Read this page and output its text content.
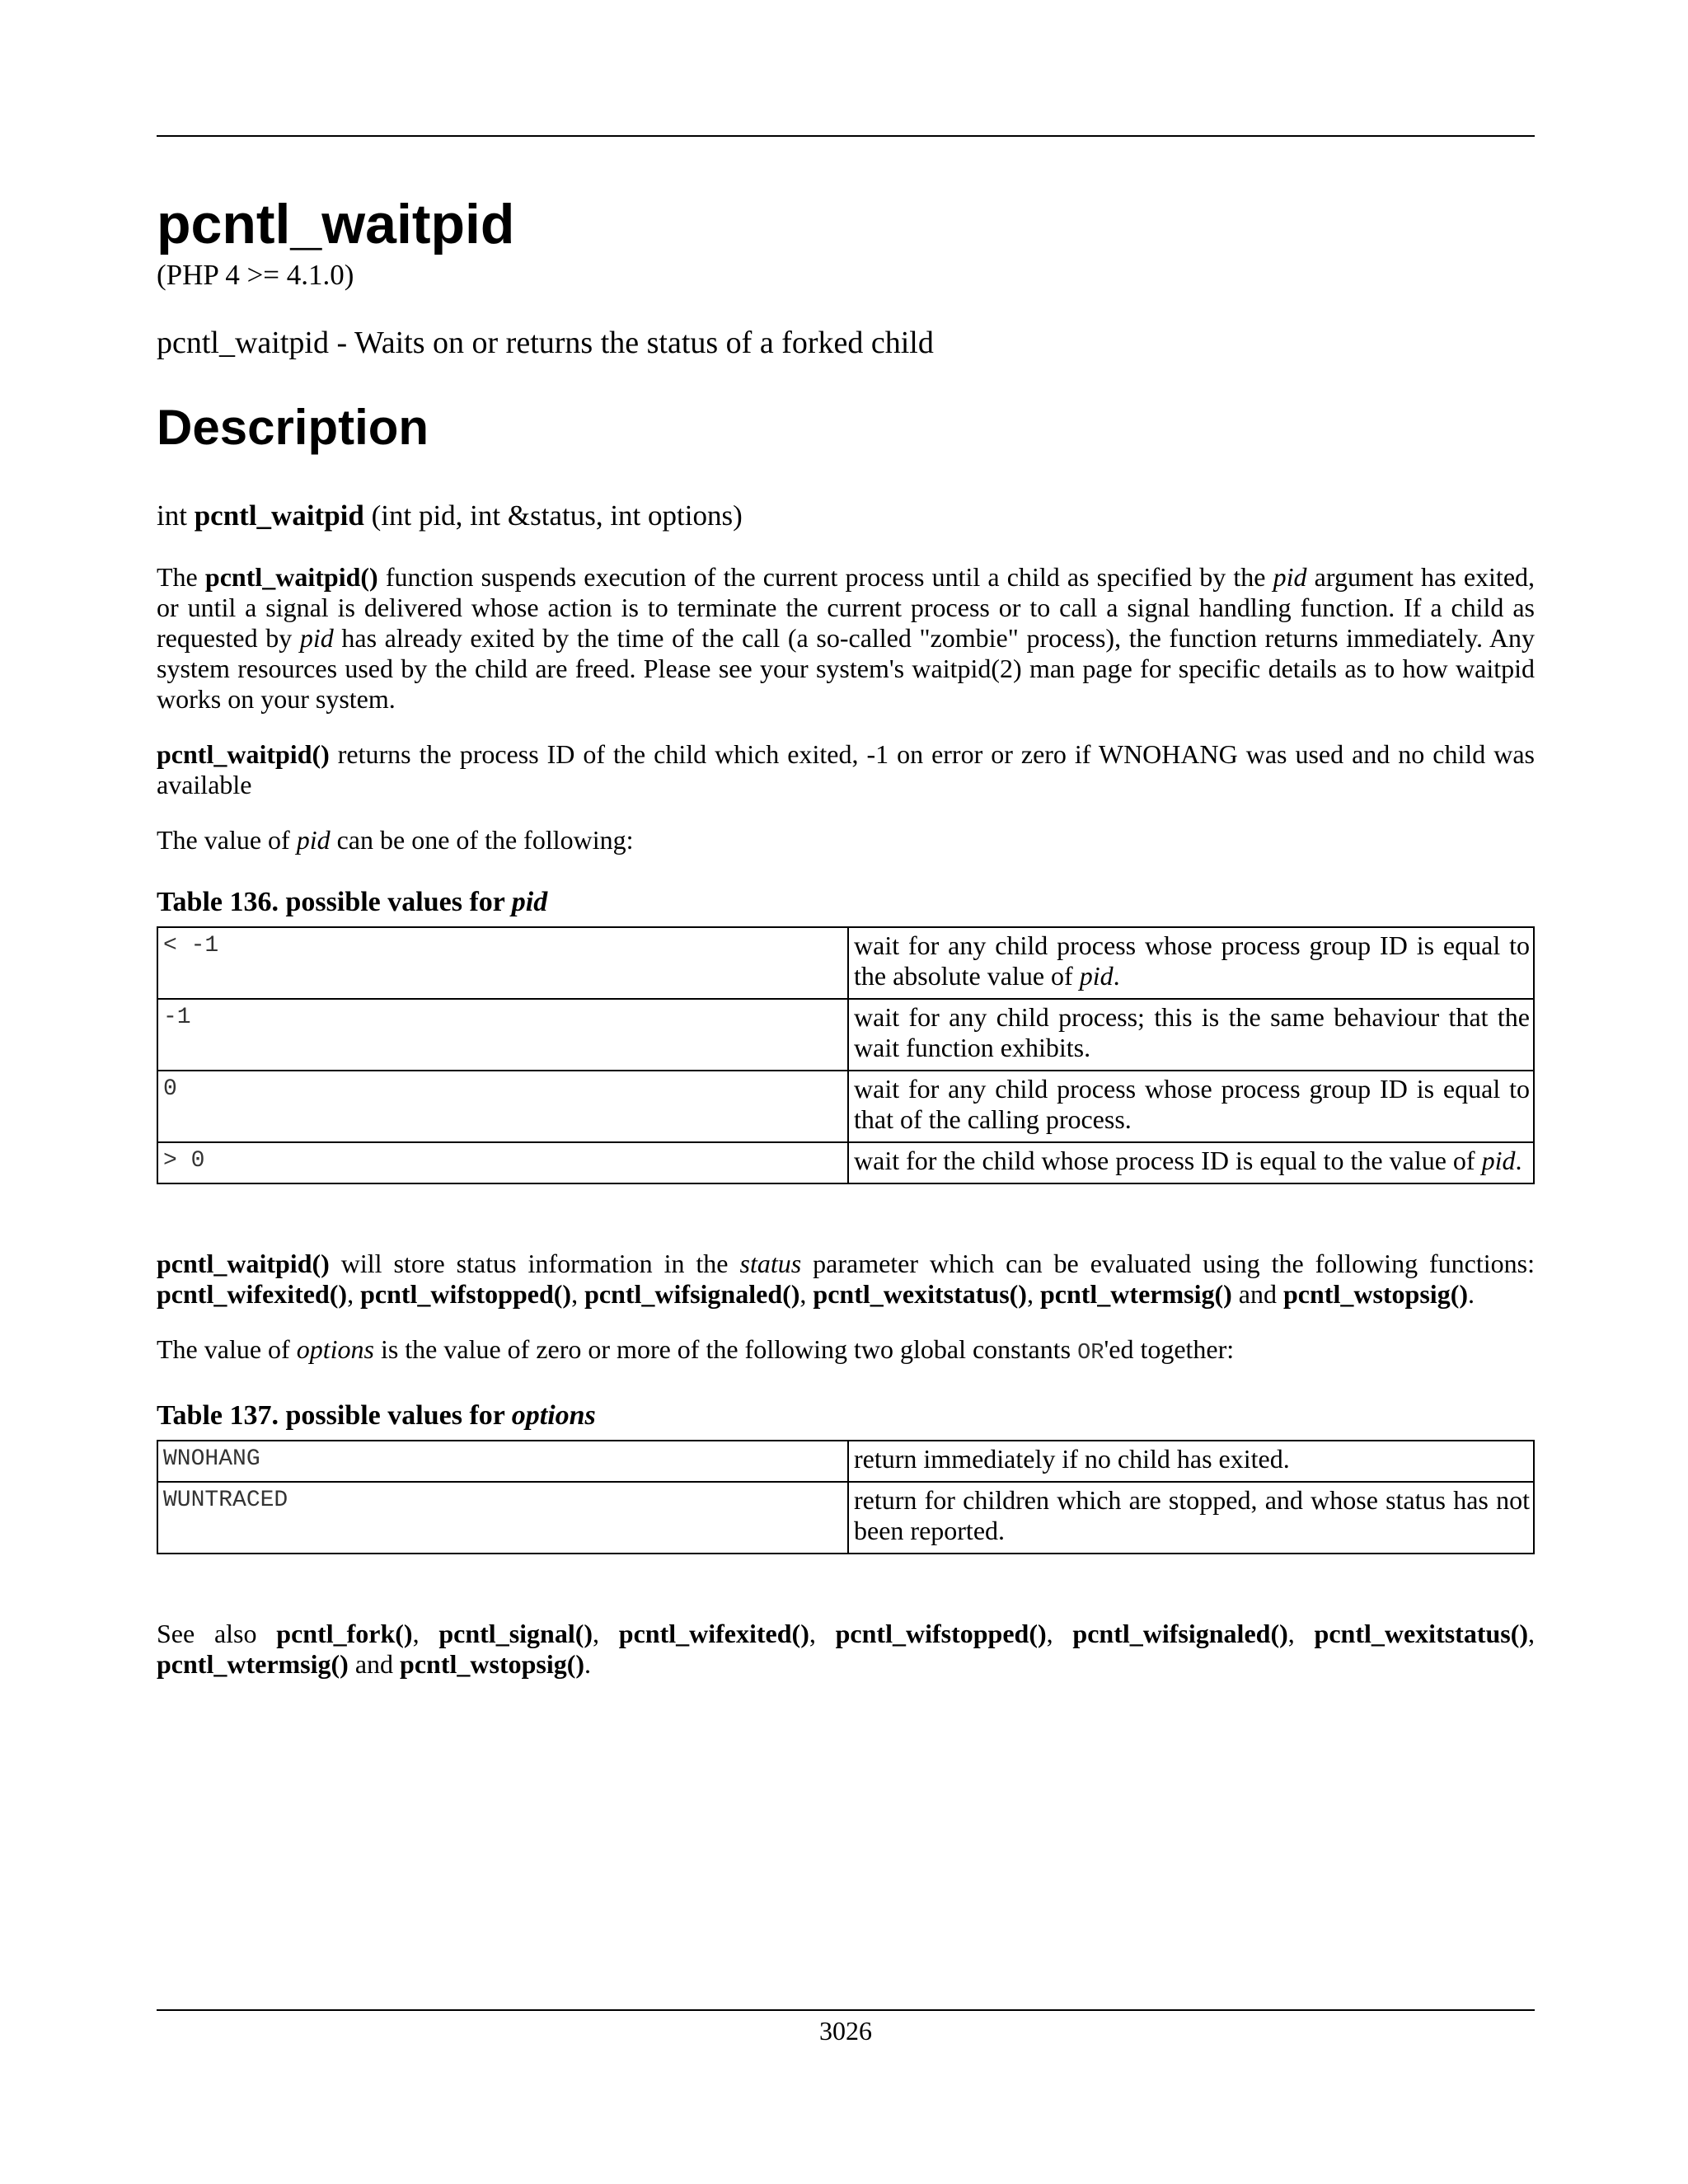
pcntl_waitpid
(PHP 4 >= 4.1.0)
pcntl_waitpid - Waits on or returns the status of a forked child
Description
int pcntl_waitpid (int pid, int &status, int options)

The pcntl_waitpid() function suspends execution of the current process until a child as specified by the pid argument has exited, or until a signal is delivered whose action is to terminate the current process or to call a signal handling function. If a child as requested by pid has already exited by the time of the call (a so-called "zombie" process), the function returns immediately. Any system resources used by the child are freed. Please see your system's waitpid(2) man page for specific details as to how waitpid works on your system.

pcntl_waitpid() returns the process ID of the child which exited, -1 on error or zero if WNOHANG was used and no child was available

The value of pid can be one of the following:

Table 136. possible values for pid
< -1	wait for any child process whose process group ID is equal to the absolute value of pid.
-1	wait for any child process; this is the same behaviour that the wait function exhibits.
0	wait for any child process whose process group ID is equal to that of the calling process.
> 0	wait for the child whose process ID is equal to the value of pid.

pcntl_waitpid() will store status information in the status parameter which can be evaluated using the following functions: pcntl_wifexited(), pcntl_wifstopped(), pcntl_wifsignaled(), pcntl_wexitstatus(), pcntl_wtermsig() and pcntl_wstopsig().

The value of options is the value of zero or more of the following two global constants OR'ed together:

Table 137. possible values for options
WNOHANG	return immediately if no child has exited.
WUNTRACED	return for children which are stopped, and whose status has not been reported.

See also pcntl_fork(), pcntl_signal(), pcntl_wifexited(), pcntl_wifstopped(), pcntl_wifsignaled(), pcntl_wexitstatus(), pcntl_wtermsig() and pcntl_wstopsig().

3026
